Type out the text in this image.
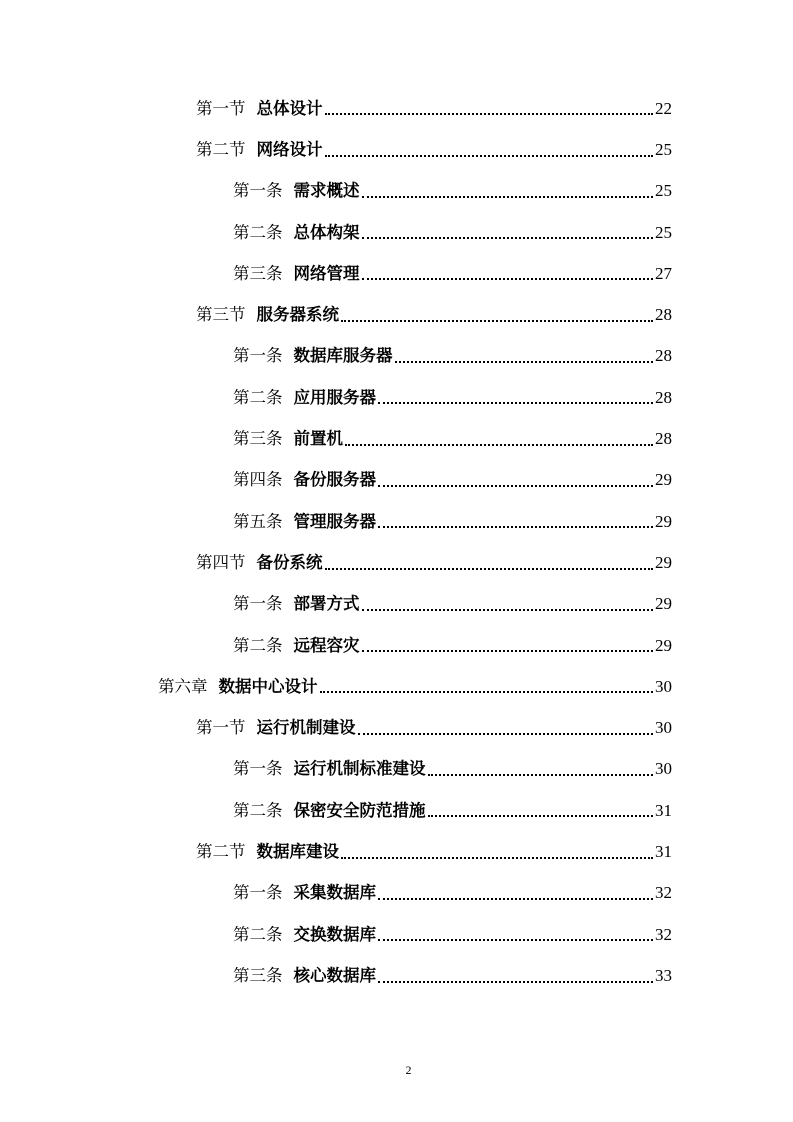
第一节 总体设计	22
第二节 网络设计	25
第一条 需求概述	25
第二条 总体构架	25
第三条 网络管理	27
第三节 服务器系统	28
第一条 数据库服务器	28
第二条 应用服务器	28
第三条 前置机	28
第四条 备份服务器	29
第五条 管理服务器	29
第四节 备份系统	29
第一条 部署方式	29
第二条 远程容灾	29
第六章 数据中心设计	30
第一节 运行机制建设	30
第一条 运行机制标准建设	30
第二条 保密安全防范措施	31
第二节 数据库建设	31
第一条 采集数据库	32
第二条 交换数据库	32
第三条 核心数据库	33
2
